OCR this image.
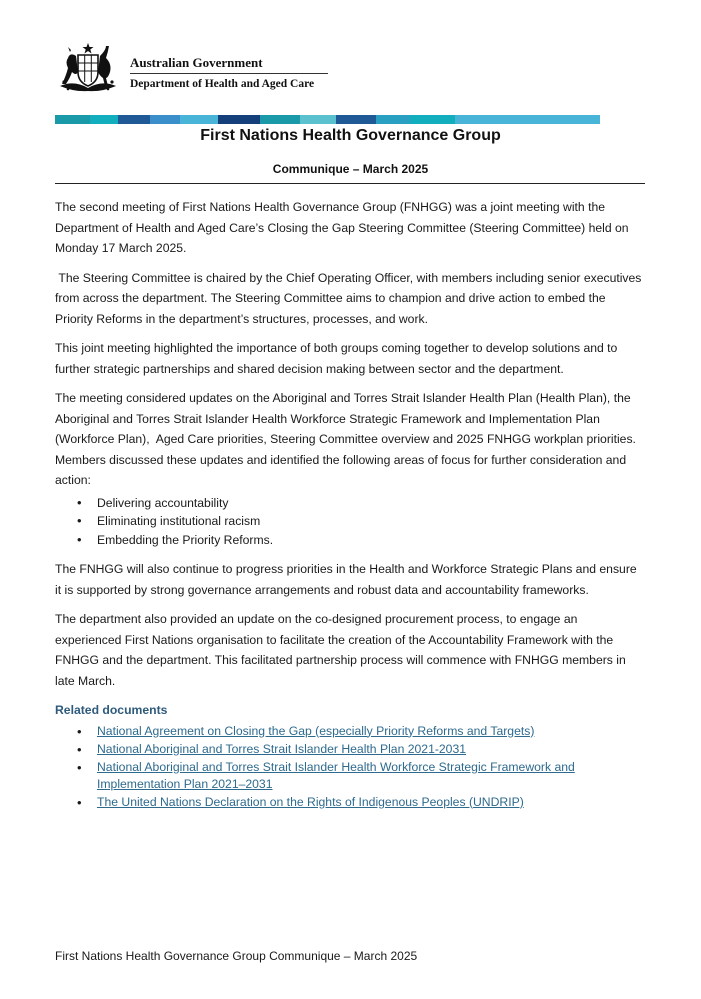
Australian Government
Department of Health and Aged Care
First Nations Health Governance Group
Communique – March 2025

The second meeting of First Nations Health Governance Group (FNHGG) was a joint meeting with the Department of Health and Aged Care’s Closing the Gap Steering Committee (Steering Committee) held on Monday 17 March 2025.

The Steering Committee is chaired by the Chief Operating Officer, with members including senior executives from across the department. The Steering Committee aims to champion and drive action to embed the Priority Reforms in the department’s structures, processes, and work.

This joint meeting highlighted the importance of both groups coming together to develop solutions and to further strategic partnerships and shared decision making between sector and the department.

The meeting considered updates on the Aboriginal and Torres Strait Islander Health Plan (Health Plan), the Aboriginal and Torres Strait Islander Health Workforce Strategic Framework and Implementation Plan (Workforce Plan),  Aged Care priorities, Steering Committee overview and 2025 FNHGG workplan priorities. Members discussed these updates and identified the following areas of focus for further consideration and action:

• Delivering accountability
• Eliminating institutional racism
• Embedding the Priority Reforms.

The FNHGG will also continue to progress priorities in the Health and Workforce Strategic Plans and ensure it is supported by strong governance arrangements and robust data and accountability frameworks.

The department also provided an update on the co-designed procurement process, to engage an experienced First Nations organisation to facilitate the creation of the Accountability Framework with the FNHGG and the department. This facilitated partnership process will commence with FNHGG members in late March.

Related documents

• National Agreement on Closing the Gap (especially Priority Reforms and Targets)
• National Aboriginal and Torres Strait Islander Health Plan 2021-2031
• National Aboriginal and Torres Strait Islander Health Workforce Strategic Framework and Implementation Plan 2021–2031
• The United Nations Declaration on the Rights of Indigenous Peoples (UNDRIP)
First Nations Health Governance Group Communique – March 2025
